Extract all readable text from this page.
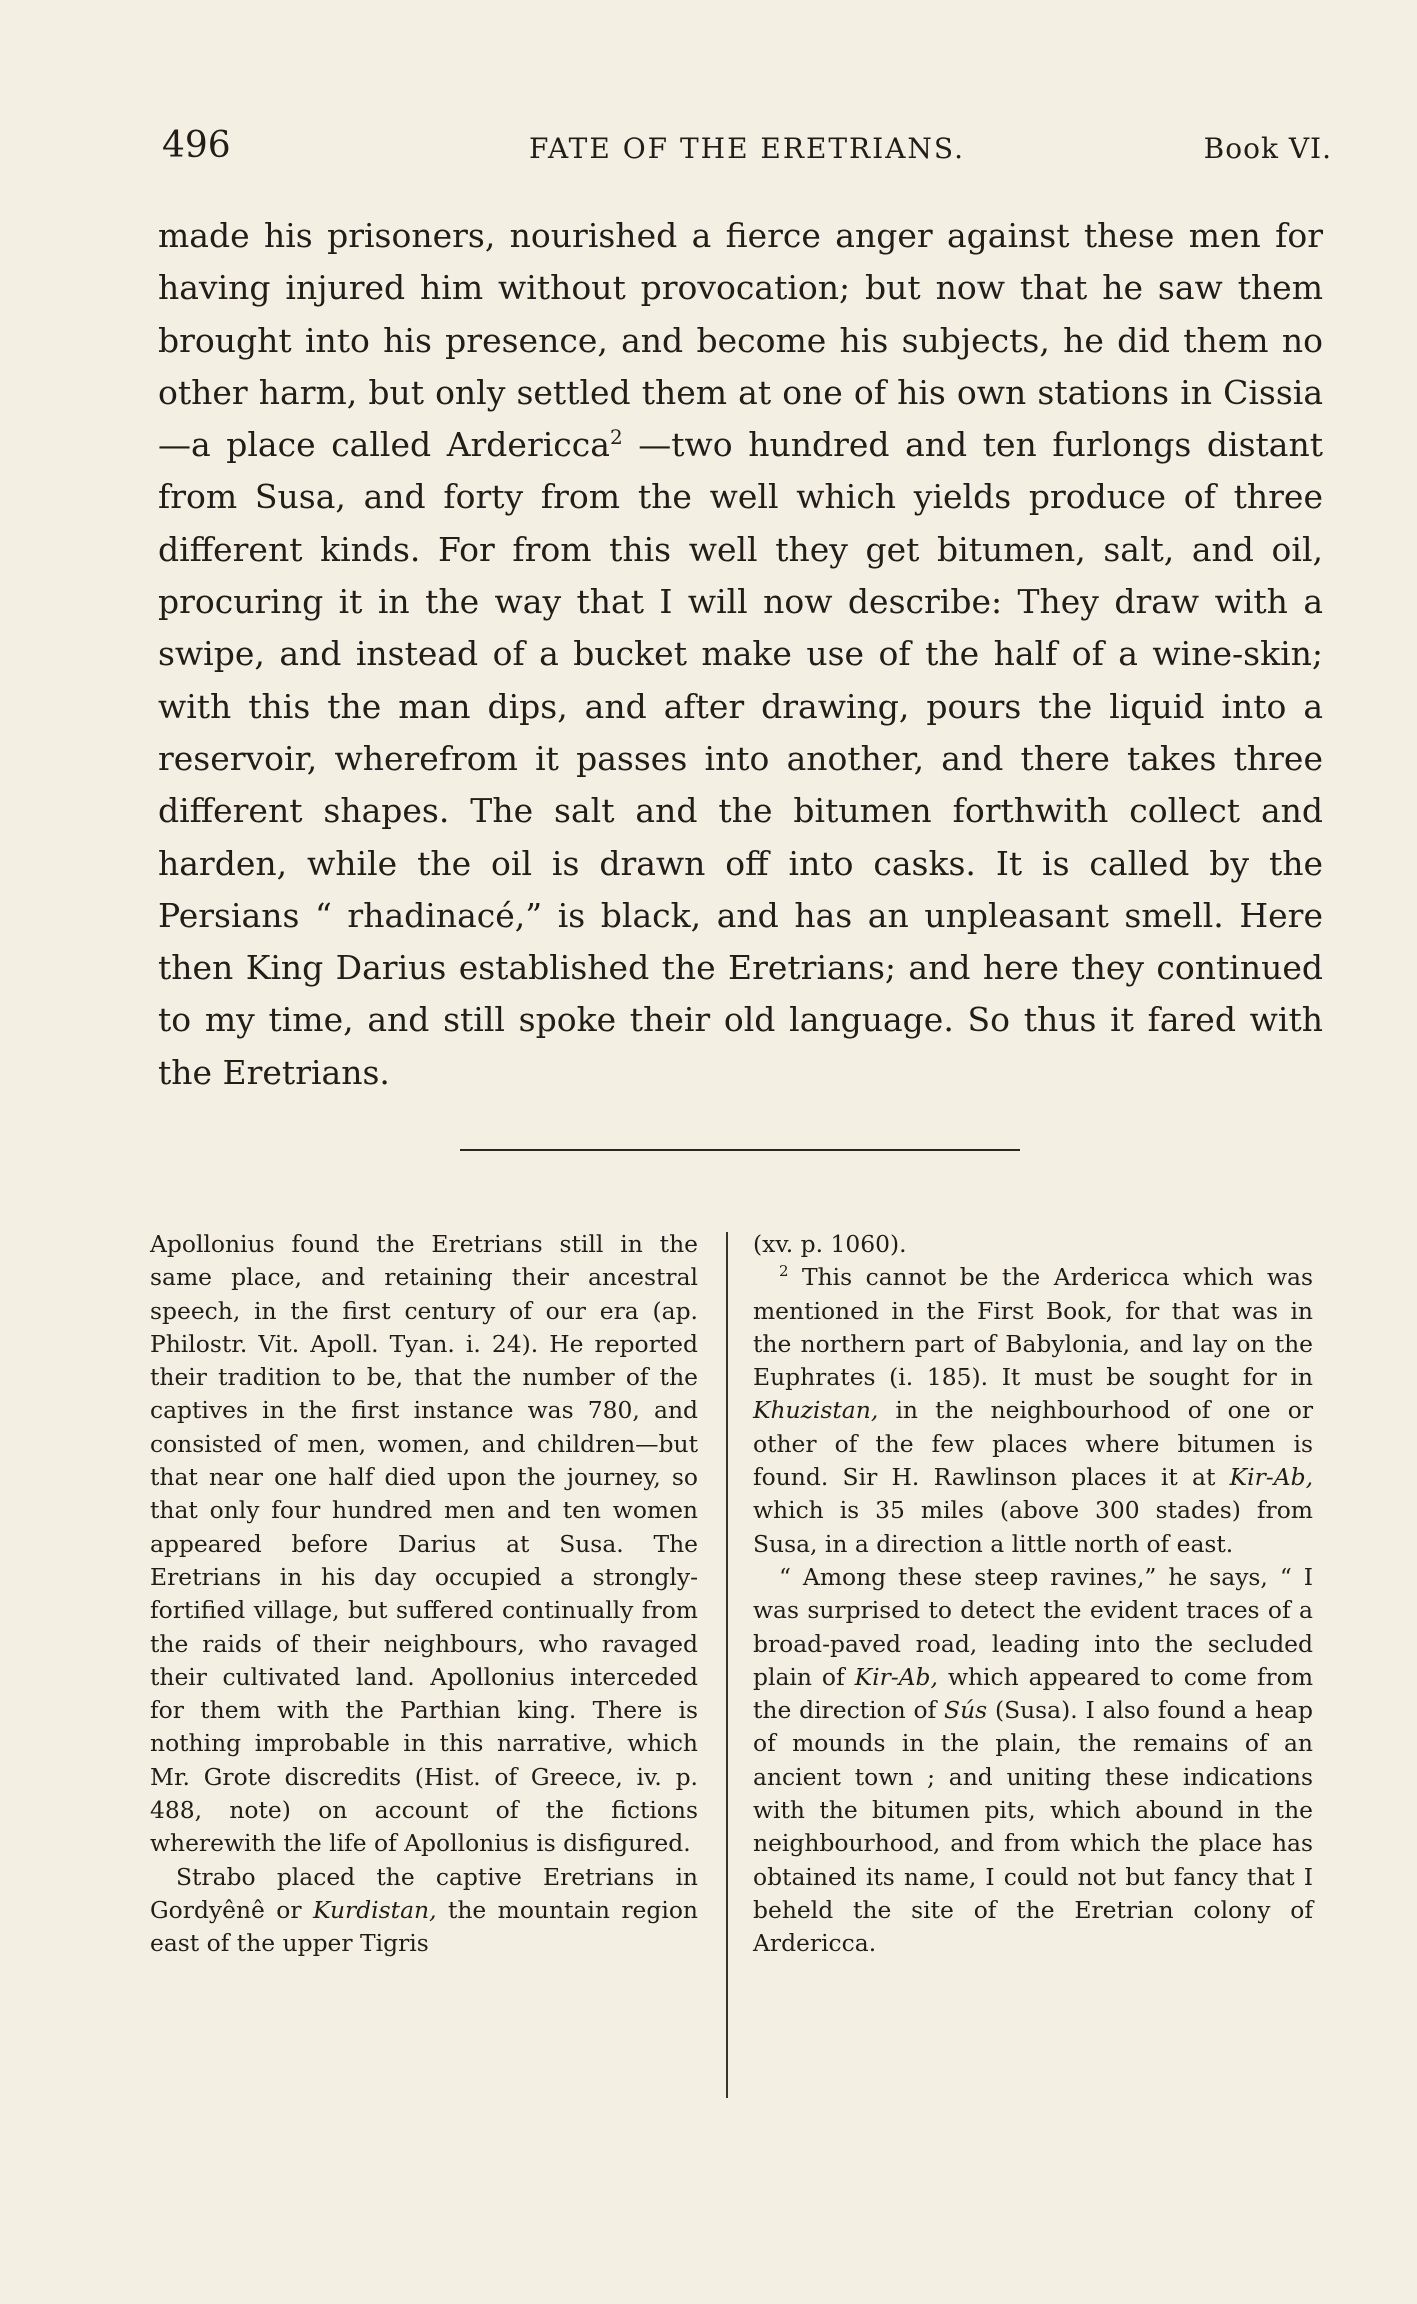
496	FATE OF THE ERETRIANS.	Book VI.
made his prisoners, nourished a fierce anger against these men for having injured him without provocation; but now that he saw them brought into his presence, and become his subjects, he did them no other harm, but only settled them at one of his own stations in Cissia—a place called Ardericca$^2$ —two hundred and ten furlongs distant from Susa, and forty from the well which yields produce of three different kinds. For from this well they get bitumen, salt, and oil, procuring it in the way that I will now describe: They draw with a swipe, and instead of a bucket make use of the half of a wine-skin; with this the man dips, and after drawing, pours the liquid into a reservoir, wherefrom it passes into another, and there takes three different shapes. The salt and the bitumen forthwith collect and harden, while the oil is drawn off into casks. It is called by the Persians “ rhadinacé,” is black, and has an unpleasant smell. Here then King Darius established the Eretrians; and here they continued to my time, and still spoke their old language. So thus it fared with the Eretrians.

Apollonius found the Eretrians still in the same place, and retaining their ancestral speech, in the first century of our era (ap. Philostr. Vit. Apoll. Tyan. i. 24). He reported their tradition to be, that the number of the captives in the first instance was 780, and consisted of men, women, and children—but that near one half died upon the journey, so that only four hundred men and ten women appeared before Darius at Susa. The Eretrians in his day occupied a strongly-fortified village, but suffered continually from the raids of their neighbours, who ravaged their cultivated land. Apollonius interceded for them with the Parthian king. There is nothing improbable in this narrative, which Mr. Grote discredits (Hist. of Greece, iv. p. 488, note) on account of the fictions wherewith the life of Apollonius is disfigured.

Strabo placed the captive Eretrians in Gordyênê or Kurdistan, the mountain region east of the upper Tigris

(xv. p. 1060).

$^2$ This cannot be the Ardericca which was mentioned in the First Book, for that was in the northern part of Babylonia, and lay on the Euphrates (i. 185). It must be sought for in Khuzistan, in the neighbourhood of one or other of the few places where bitumen is found. Sir H. Rawlinson places it at Kir-Ab, which is 35 miles (above 300 stades) from Susa, in a direction a little north of east.

“ Among these steep ravines,” he says, “ I was surprised to detect the evident traces of a broad-paved road, leading into the secluded plain of Kir-Ab, which appeared to come from the direction of Sús (Susa). I also found a heap of mounds in the plain, the remains of an ancient town ; and uniting these indications with the bitumen pits, which abound in the neighbourhood, and from which the place has obtained its name, I could not but fancy that I beheld the site of the Eretrian colony of Ardericca.
